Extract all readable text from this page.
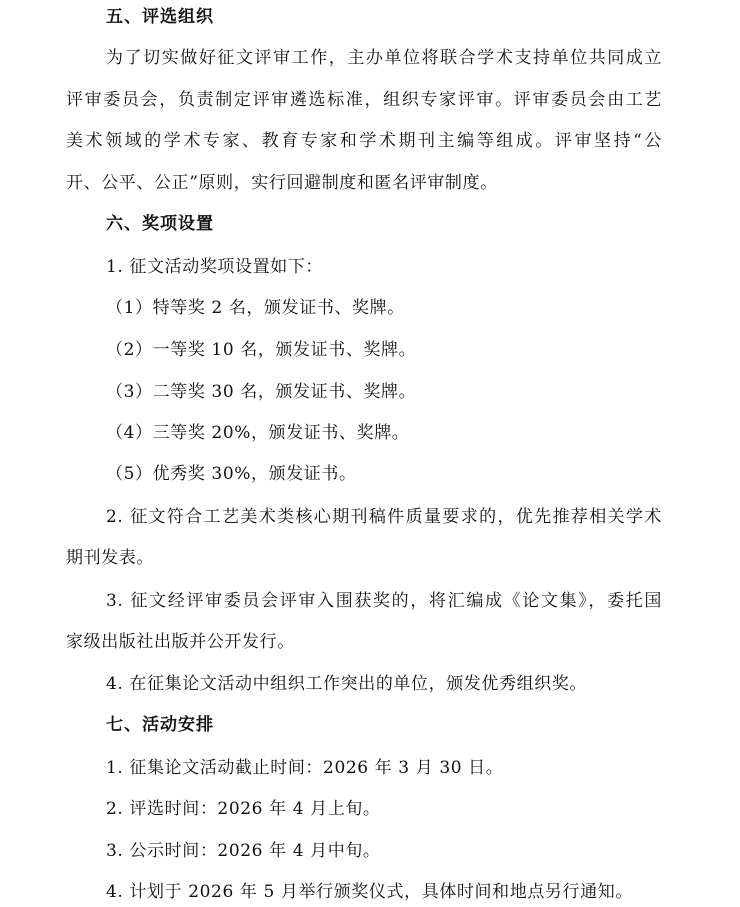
五、评选组织
为了切实做好征文评审工作，主办单位将联合学术支持单位共同成立
评审委员会，负责制定评审遴选标准，组织专家评审。评审委员会由工艺
美术领域的学术专家、教育专家和学术期刊主编等组成。评审坚持“公
开、公平、公正”原则，实行回避制度和匿名评审制度。
六、奖项设置
1. 征文活动奖项设置如下：
（1）特等奖 2 名，颁发证书、奖牌。
（2）一等奖 10 名，颁发证书、奖牌。
（3）二等奖 30 名，颁发证书、奖牌。
（4）三等奖 20%，颁发证书、奖牌。
（5）优秀奖 30%，颁发证书。
2. 征文符合工艺美术类核心期刊稿件质量要求的，优先推荐相关学术
期刊发表。
3. 征文经评审委员会评审入围获奖的，将汇编成《论文集》，委托国
家级出版社出版并公开发行。
4. 在征集论文活动中组织工作突出的单位，颁发优秀组织奖。
七、活动安排
1. 征集论文活动截止时间：2026 年 3 月 30 日。
2. 评选时间：2026 年 4 月上旬。
3. 公示时间：2026 年 4 月中旬。
4. 计划于 2026 年 5 月举行颁奖仪式，具体时间和地点另行通知。
